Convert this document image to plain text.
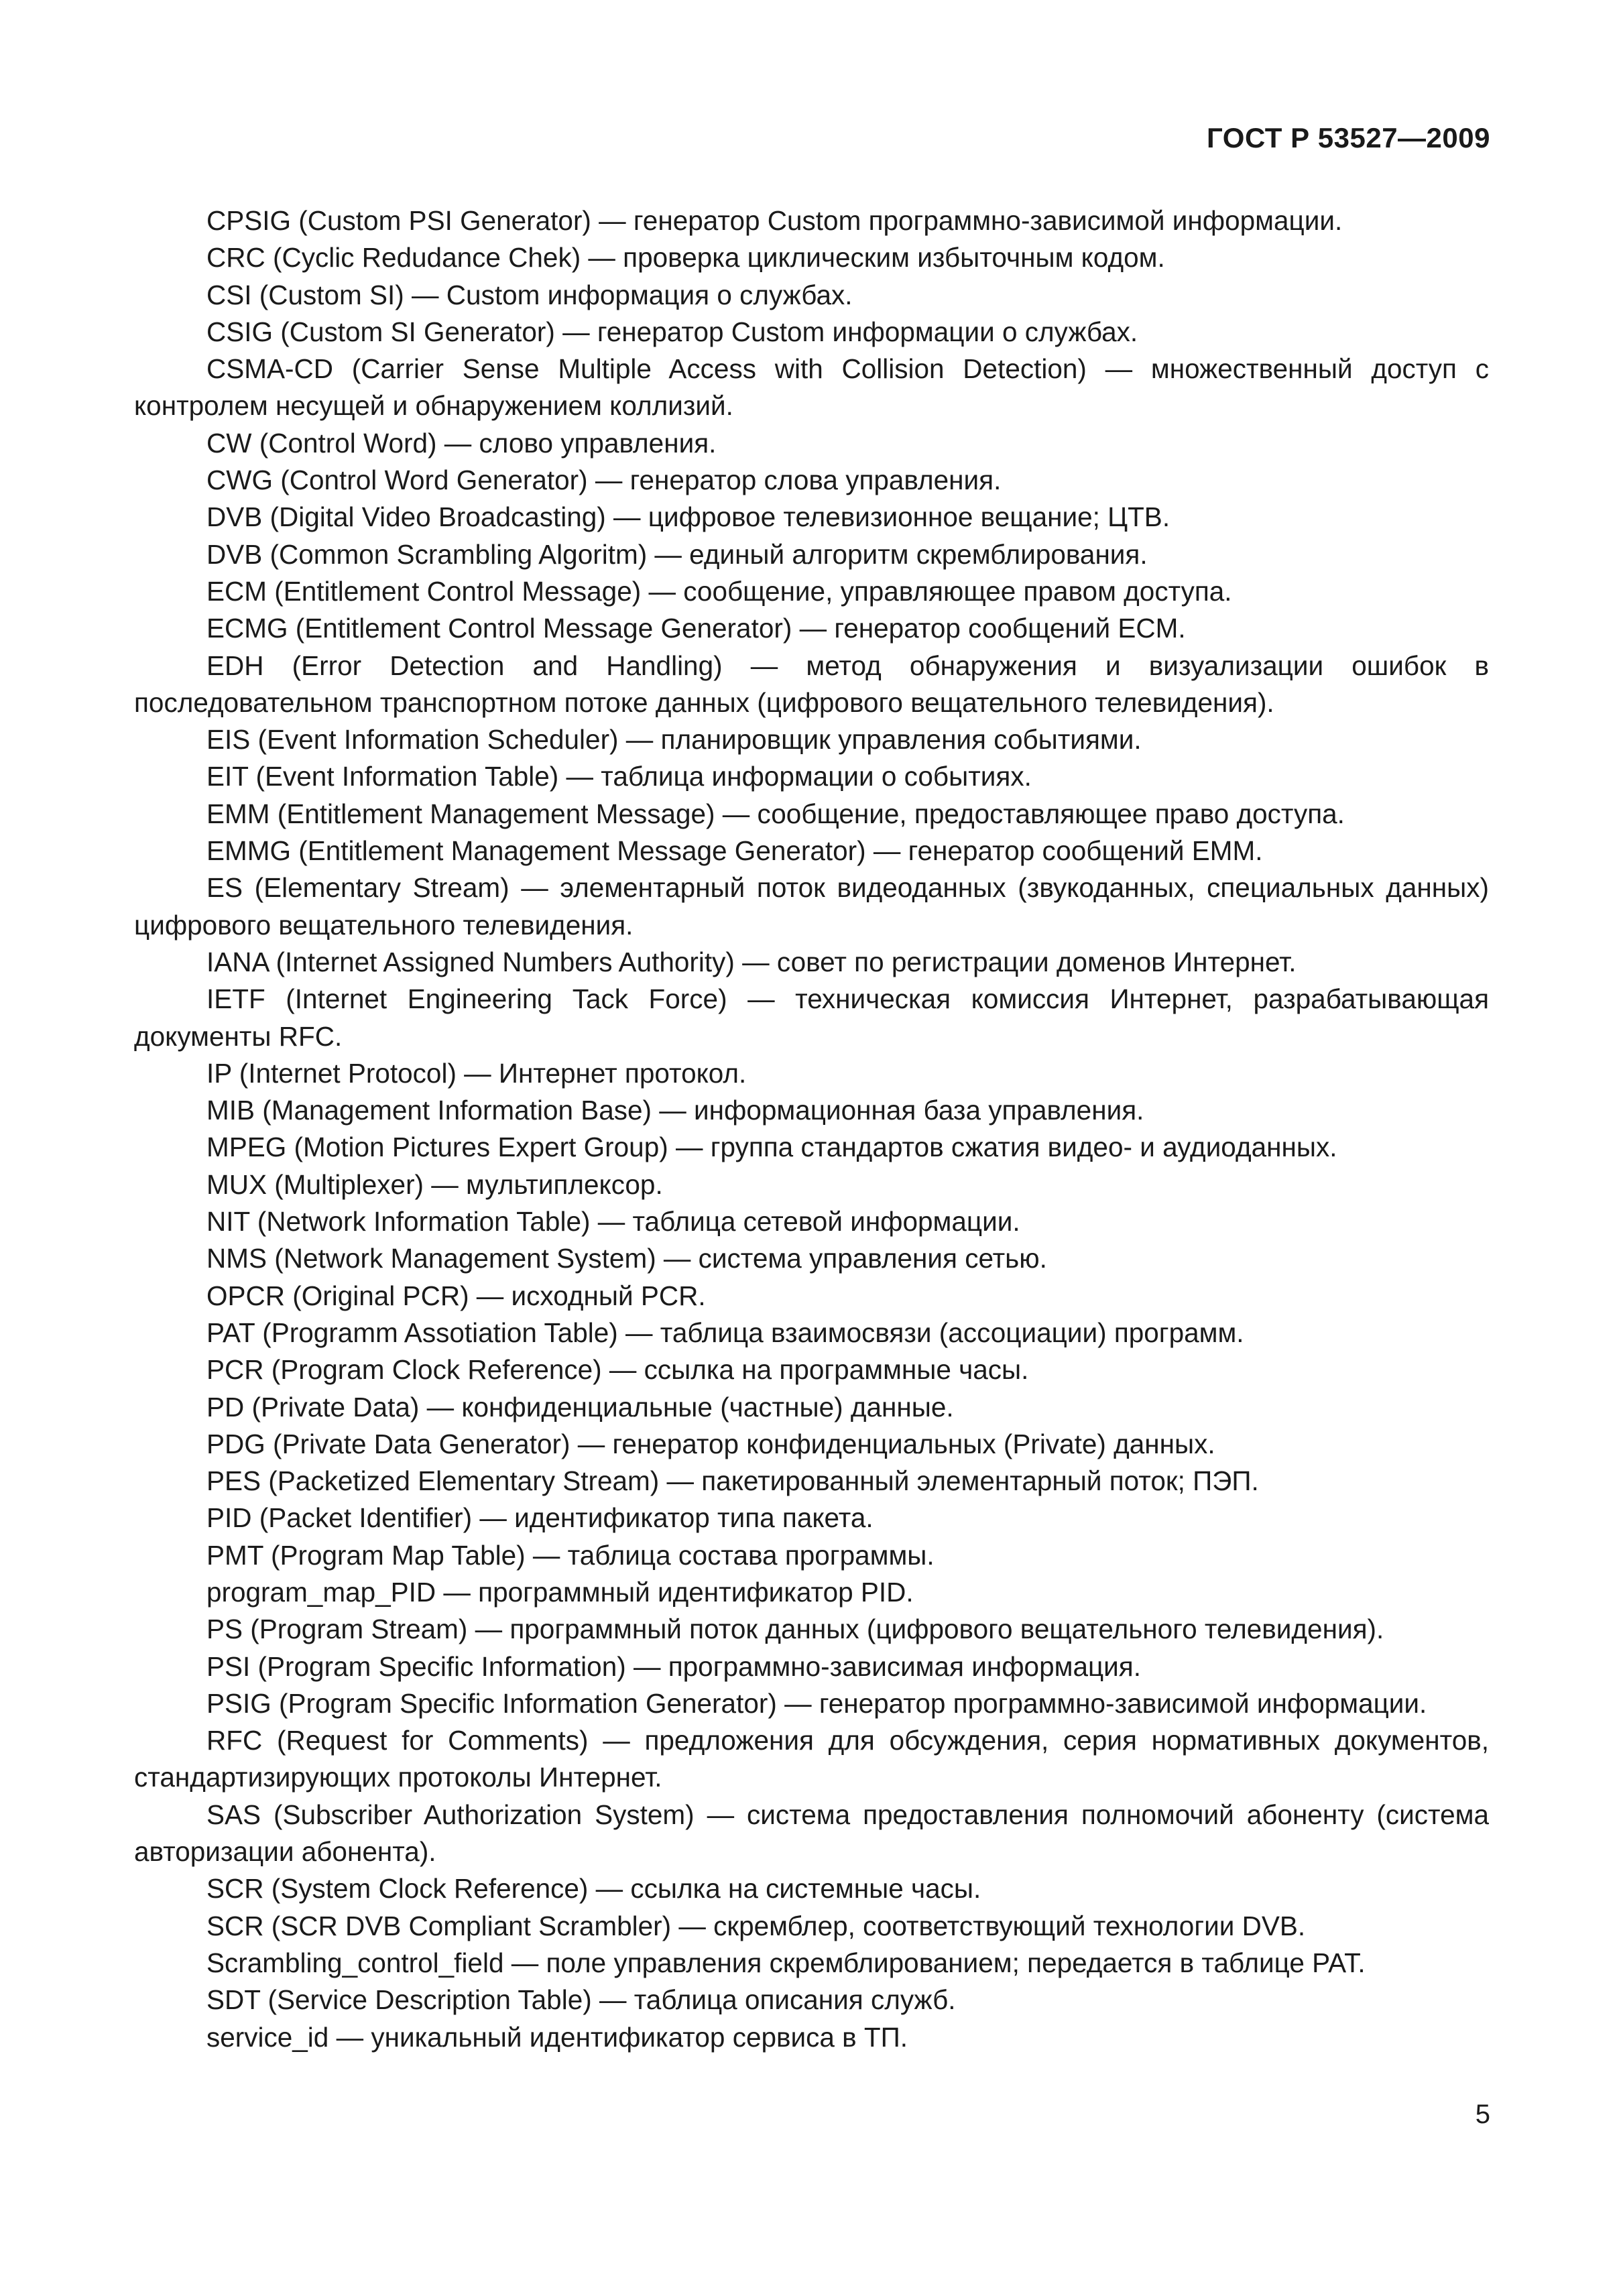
ГОСТ Р 53527—2009

CPSIG (Custom PSI Generator) — генератор Custom программно-зависимой информации.

CRC (Cyclic Redudance Chek) — проверка циклическим избыточным кодом.

CSI (Custom SI) — Custom информация о службах.

CSIG (Custom SI Generator) — генератор Custom информации о службах.

CSMA-CD (Carrier Sense Multiple Access with Collision Detection) — множественный доступ с контролем несущей и обнаружением коллизий.

CW (Control Word) — слово управления.

CWG (Control Word Generator) — генератор слова управления.

DVB (Digital Video Broadcasting) — цифровое телевизионное вещание; ЦТВ.

DVB (Common Scrambling Algoritm) — единый алгоритм скремблирования.

ECM (Entitlement Control Message) — сообщение, управляющее правом доступа.

ECMG (Entitlement Control Message Generator) — генератор сообщений ECM.

EDH (Error Detection and Handling) — метод обнаружения и визуализации ошибок в последовательном транспортном потоке данных (цифрового вещательного телевидения).

EIS (Event Information Scheduler) — планировщик управления событиями.

EIT (Event Information Table) — таблица информации о событиях.

EMM (Entitlement Management Message) — сообщение, предоставляющее право доступа.

EMMG (Entitlement Management Message Generator) — генератор сообщений EMM.

ES (Elementary Stream) — элементарный поток видеоданных (звукоданных, специальных данных) цифрового вещательного телевидения.

IANA (Internet Assigned Numbers Authority) — совет по регистрации доменов Интернет.

IETF (Internet Engineering Tack Force) — техническая комиссия Интернет, разрабатывающая документы RFC.

IP (Internet Protocol) — Интернет протокол.

MIB (Management Information Base) — информационная база управления.

MPEG (Motion Pictures Expert Group) — группа стандартов сжатия видео- и аудиоданных.

MUX (Multiplexer) — мультиплексор.

NIT (Network Information Table) — таблица сетевой информации.

NMS (Network Management System) — система управления сетью.

OPCR (Original PCR) — исходный PCR.

PAT (Programm Assotiation Table) — таблица взаимосвязи (ассоциации) программ.

PCR (Program Clock Reference) — ссылка на программные часы.

PD (Private Data) — конфиденциальные (частные) данные.

PDG (Private Data Generator) — генератор конфиденциальных (Private) данных.

PES (Packetized Elementary Stream) — пакетированный элементарный поток; ПЭП.

PID (Packet Identifier) — идентификатор типа пакета.

PMT (Program Map Table) — таблица состава программы.

program_map_PID — программный идентификатор PID.

PS (Program Stream) — программный поток данных (цифрового вещательного телевидения).

PSI (Program Specific Information) — программно-зависимая информация.

PSIG (Program Specific Information Generator) — генератор программно-зависимой информации.

RFC (Request for Comments) — предложения для обсуждения, серия нормативных документов, стандартизирующих протоколы Интернет.

SAS (Subscriber Authorization System) — система предоставления полномочий абоненту (система авторизации абонента).

SCR (System Clock Reference) — ссылка на системные часы.

SCR (SCR DVB Compliant Scrambler) — скремблер, соответствующий технологии DVB.

Scrambling_control_field — поле управления скремблированием; передается в таблице PAT.

SDT (Service Description Table) — таблица описания служб.

service_id — уникальный идентификатор сервиса в ТП.

5
